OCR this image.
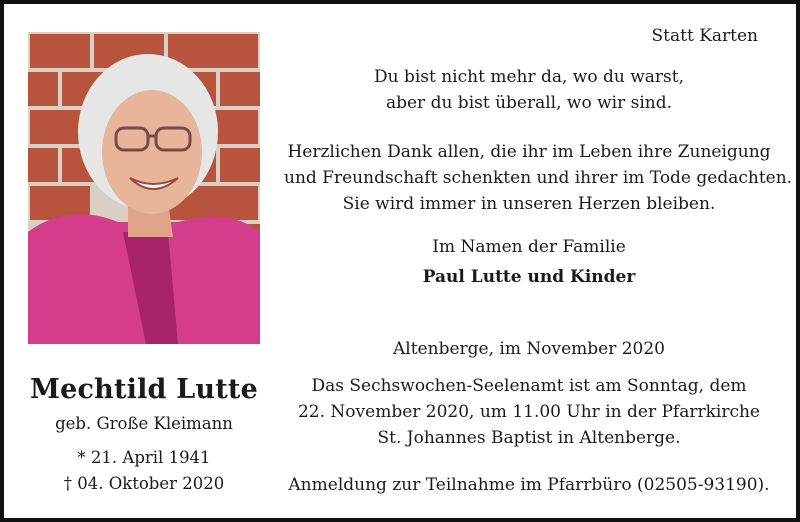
Statt Karten
Du bist nicht mehr da, wo du warst,
aber du bist überall, wo wir sind.
Herzlichen Dank allen, die ihr im Leben ihre Zuneigung
und Freundschaft schenkten und ihrer im Tode gedachten.
Sie wird immer in unseren Herzen bleiben.
Im Namen der Familie
Paul Lutte und Kinder
Altenberge, im November 2020
Das Sechswochen-Seelenamt ist am Sonntag, dem
22. November 2020, um 11.00 Uhr in der Pfarrkirche
St. Johannes Baptist in Altenberge.
Anmeldung zur Teilnahme im Pfarrbüro (02505-93190).
Mechtild Lutte
geb. Große Kleimann
* 21. April 1941
† 04. Oktober 2020
